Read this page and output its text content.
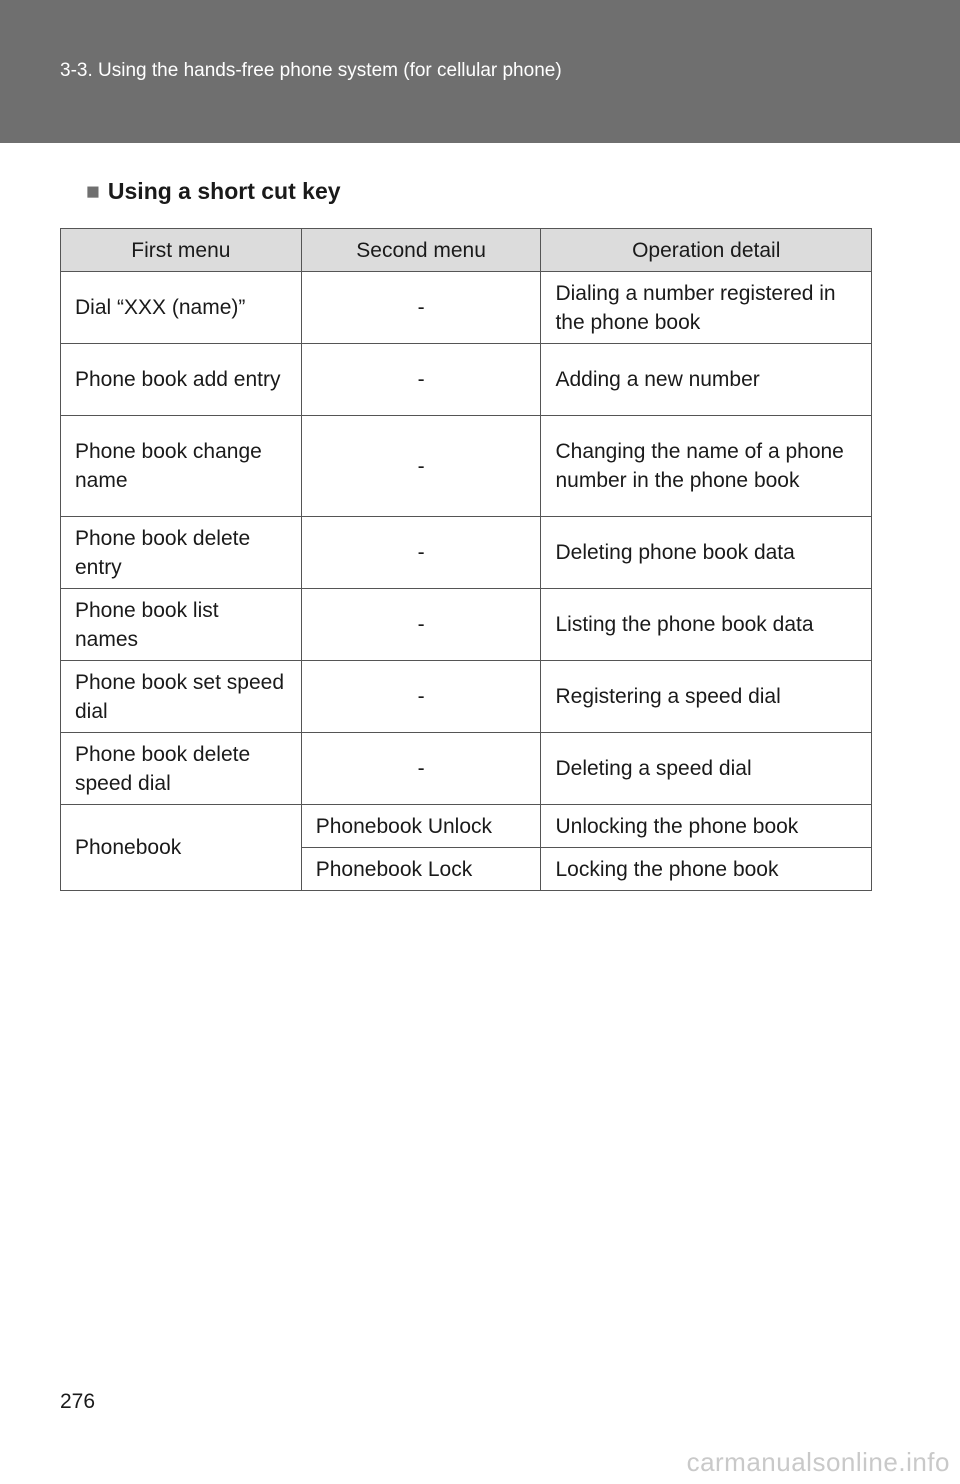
3-3. Using the hands-free phone system (for cellular phone)
■ Using a short cut key
First menu	Second menu	Operation detail
Dial “XXX (name)”	-	Dialing a number registered in the phone book
Phone book add entry	-	Adding a new number
Phone book change name	-	Changing the name of a phone number in the phone book
Phone book delete entry	-	Deleting phone book data
Phone book list names	-	Listing the phone book data
Phone book set speed dial	-	Registering a speed dial
Phone book delete speed dial	-	Deleting a speed dial
Phonebook	Phonebook Unlock	Unlocking the phone book
	Phonebook Lock	Locking the phone book
276
carmanualsonline.info
